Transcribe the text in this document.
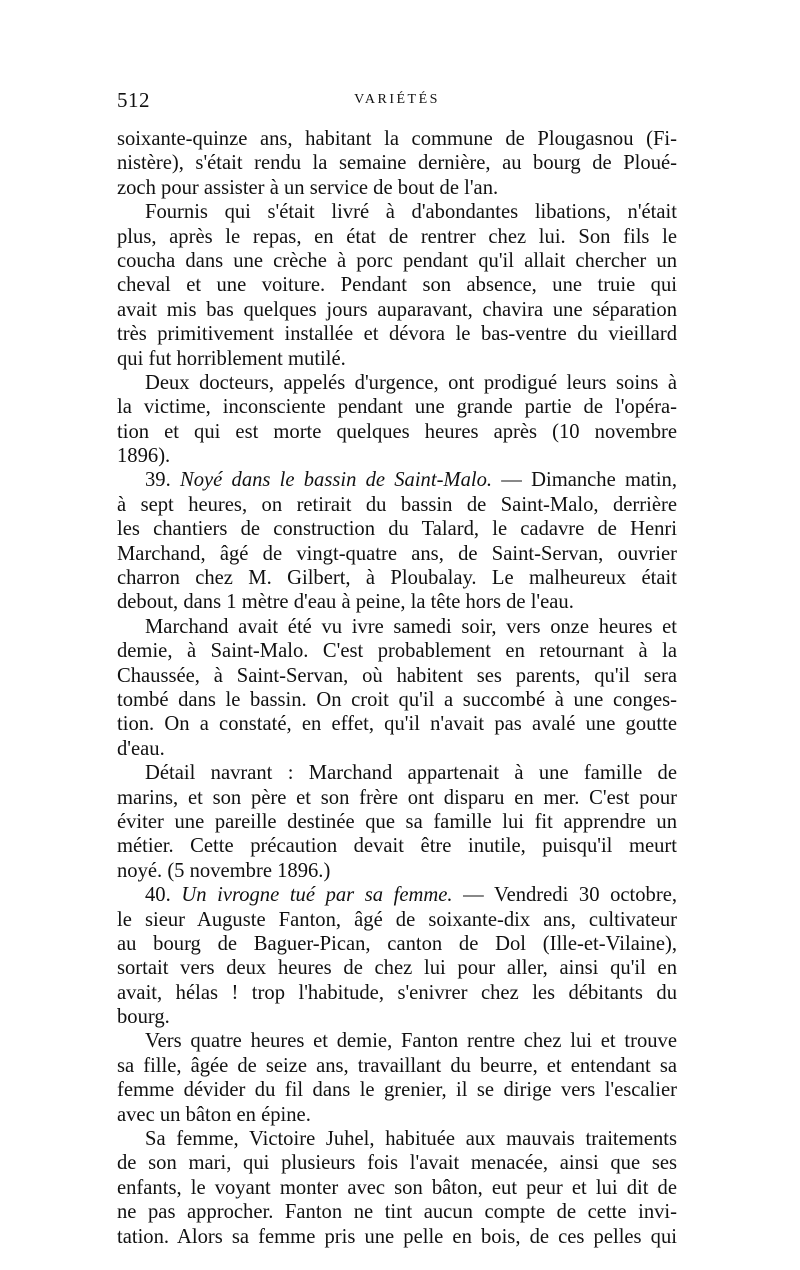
512	VARIÉTÉS
soixante-quinze ans, habitant la commune de Plougasnou (Fi-
nistère), s'était rendu la semaine dernière, au bourg de Ploué-
zoch pour assister à un service de bout de l'an.
Fournis qui s'était livré à d'abondantes libations, n'était
plus, après le repas, en état de rentrer chez lui. Son fils le
coucha dans une crèche à porc pendant qu'il allait chercher un
cheval et une voiture. Pendant son absence, une truie qui
avait mis bas quelques jours auparavant, chavira une séparation
très primitivement installée et dévora le bas-ventre du vieillard
qui fut horriblement mutilé.
Deux docteurs, appelés d'urgence, ont prodigué leurs soins à
la victime, inconsciente pendant une grande partie de l'opéra-
tion et qui est morte quelques heures après (10 novembre
1896).
39. Noyé dans le bassin de Saint-Malo. — Dimanche matin,
à sept heures, on retirait du bassin de Saint-Malo, derrière
les chantiers de construction du Talard, le cadavre de Henri
Marchand, âgé de vingt-quatre ans, de Saint-Servan, ouvrier
charron chez M. Gilbert, à Ploubalay. Le malheureux était
debout, dans 1 mètre d'eau à peine, la tête hors de l'eau.
Marchand avait été vu ivre samedi soir, vers onze heures et
demie, à Saint-Malo. C'est probablement en retournant à la
Chaussée, à Saint-Servan, où habitent ses parents, qu'il sera
tombé dans le bassin. On croit qu'il a succombé à une conges-
tion. On a constaté, en effet, qu'il n'avait pas avalé une goutte
d'eau.
Détail navrant : Marchand appartenait à une famille de
marins, et son père et son frère ont disparu en mer. C'est pour
éviter une pareille destinée que sa famille lui fit apprendre un
métier. Cette précaution devait être inutile, puisqu'il meurt
noyé. (5 novembre 1896.)
40. Un ivrogne tué par sa femme. — Vendredi 30 octobre,
le sieur Auguste Fanton, âgé de soixante-dix ans, cultivateur
au bourg de Baguer-Pican, canton de Dol (Ille-et-Vilaine),
sortait vers deux heures de chez lui pour aller, ainsi qu'il en
avait, hélas ! trop l'habitude, s'enivrer chez les débitants du
bourg.
Vers quatre heures et demie, Fanton rentre chez lui et trouve
sa fille, âgée de seize ans, travaillant du beurre, et entendant sa
femme dévider du fil dans le grenier, il se dirige vers l'escalier
avec un bâton en épine.
Sa femme, Victoire Juhel, habituée aux mauvais traitements
de son mari, qui plusieurs fois l'avait menacée, ainsi que ses
enfants, le voyant monter avec son bâton, eut peur et lui dit de
ne pas approcher. Fanton ne tint aucun compte de cette invi-
tation. Alors sa femme pris une pelle en bois, de ces pelles qui
